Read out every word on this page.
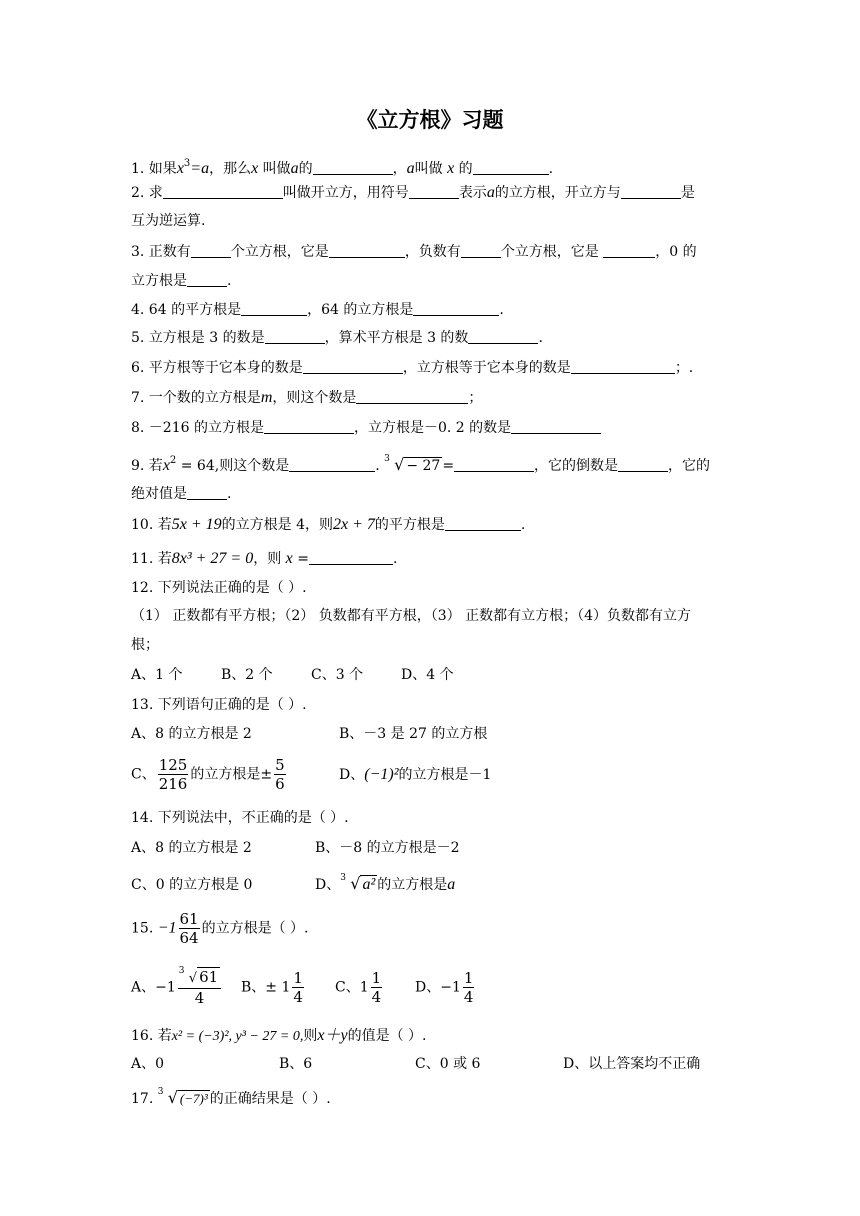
《立方根》习题
1. 如果$x^3=a$，那么x 叫做a的	，a叫做 x 的	.
2. 求	叫做开立方，用符号	表示a的立方根，开立方与	是
互为逆运算.
3. 正数有	个立方根，它是	，负数有	个立方根，它是	，0 的
立方根是	.
4. 64 的平方根是	，64 的立方根是	.
5. 立方根是 3 的数是	，算术平方根是 3 的数	.
6. 平方根等于它本身的数是	，立方根等于它本身的数是	；.
7. 一个数的立方根是m，则这个数是	；
8. －216 的立方根是	，立方根是－0. 2 的数是
9. 若$x^2 = 64$,则这个数是	. 3 √ − 27 =	，它的倒数是	，它的
绝对值是	.
10. 若5x + 19的立方根是 4，则2x + 7的平方根是	.
11. 若8x³ + 27 = 0，则 x =	.
12. 下列说法正确的是（ ）.
（1） 正数都有平方根；（2） 负数都有平方根，（3） 正数都有立方根；（4）负数都有立方
根；
A、1 个	B、2 个	C、3 个	D、4 个
13. 下列语句正确的是（ ）.
A、8 的立方根是 2	B、－3 是 27 的立方根
C、 $\frac{125}{216}$ 的立方根是± $\frac{5}{6}$	D、(−1)²的立方根是－1
14. 下列说法中，不正确的是（ ）.
A、8 的立方根是 2	B、－8 的立方根是－2
C、0 的立方根是 0	D、 3 √ a² 的立方根是a
15. $-1 \frac{61}{64}$ 的立方根是（ ）.
A、$-1 \frac{3 √ 61}{4}$ B、± $1 \frac{1}{4}$ C、$1 \frac{1}{4}$ D、$-1 \frac{1}{4}$
16. 若x² = (−3)², y³ − 27 = 0,则x＋y的值是（ ）.
A、0	B、6	C、0 或 6	D、以上答案均不正确
17. 3 √ (−7)³ 的正确结果是（ ）.
